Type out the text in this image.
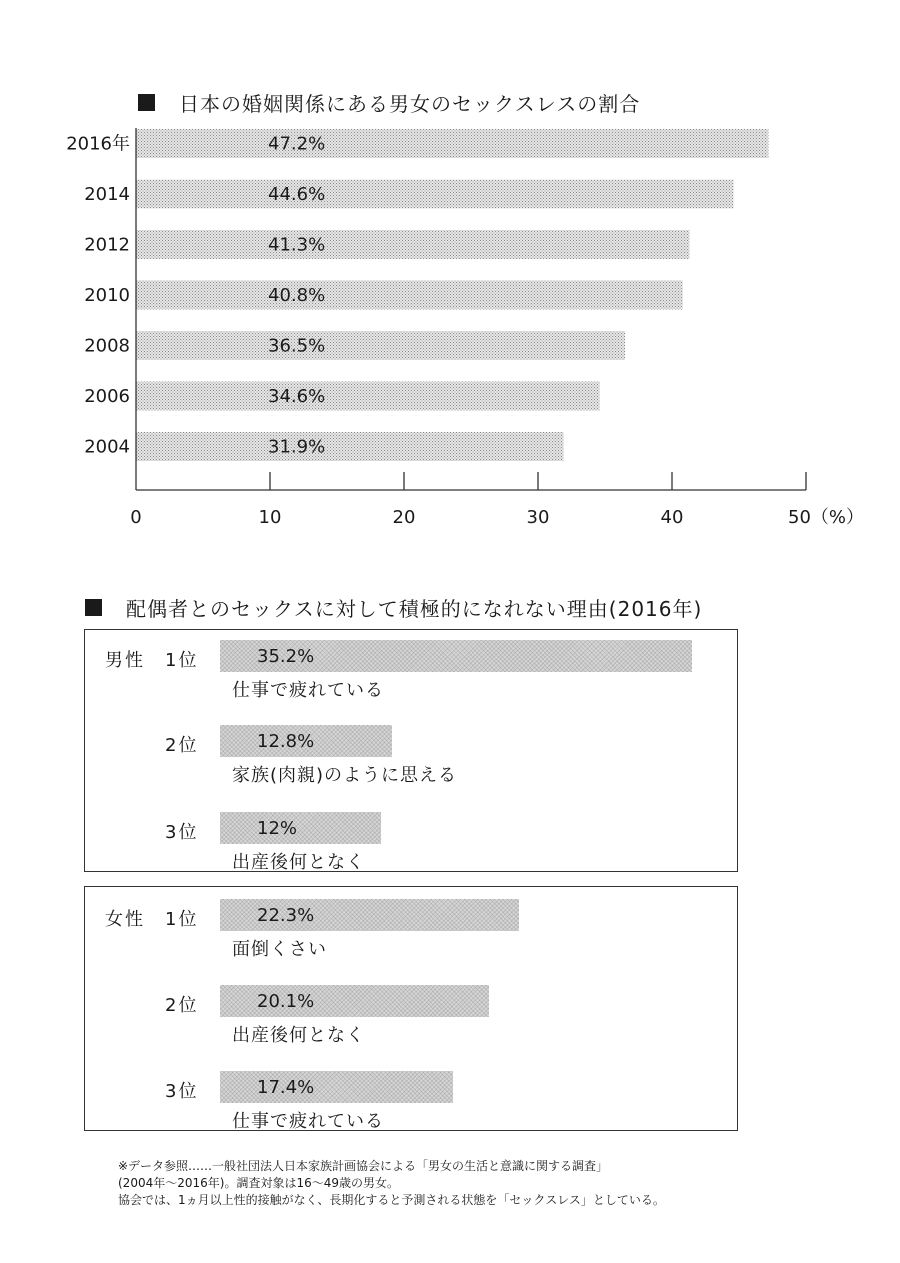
日本の婚姻関係にある男女のセックスレスの割合
0	10	20	30	40	50（%）
2016年	47.2%
2014	44.6%
2012	41.3%
2010	40.8%
2008	36.5%
2006	34.6%
2004	31.9%
配偶者とのセックスに対して積極的になれない理由(2016年)
男性 1位	35.2%
仕事で疲れている
2位	12.8%
家族(肉親)のように思える
3位	12%
出産後何となく
女性 1位	22.3%
面倒くさい
2位	20.1%
出産後何となく
3位	17.4%
仕事で疲れている
※データ参照……一般社団法人日本家族計画協会による「男女の生活と意識に関する調査」
(2004年〜2016年)。調査対象は16〜49歳の男女。
協会では、1ヵ月以上性的接触がなく、長期化すると予測される状態を「セックスレス」としている。
